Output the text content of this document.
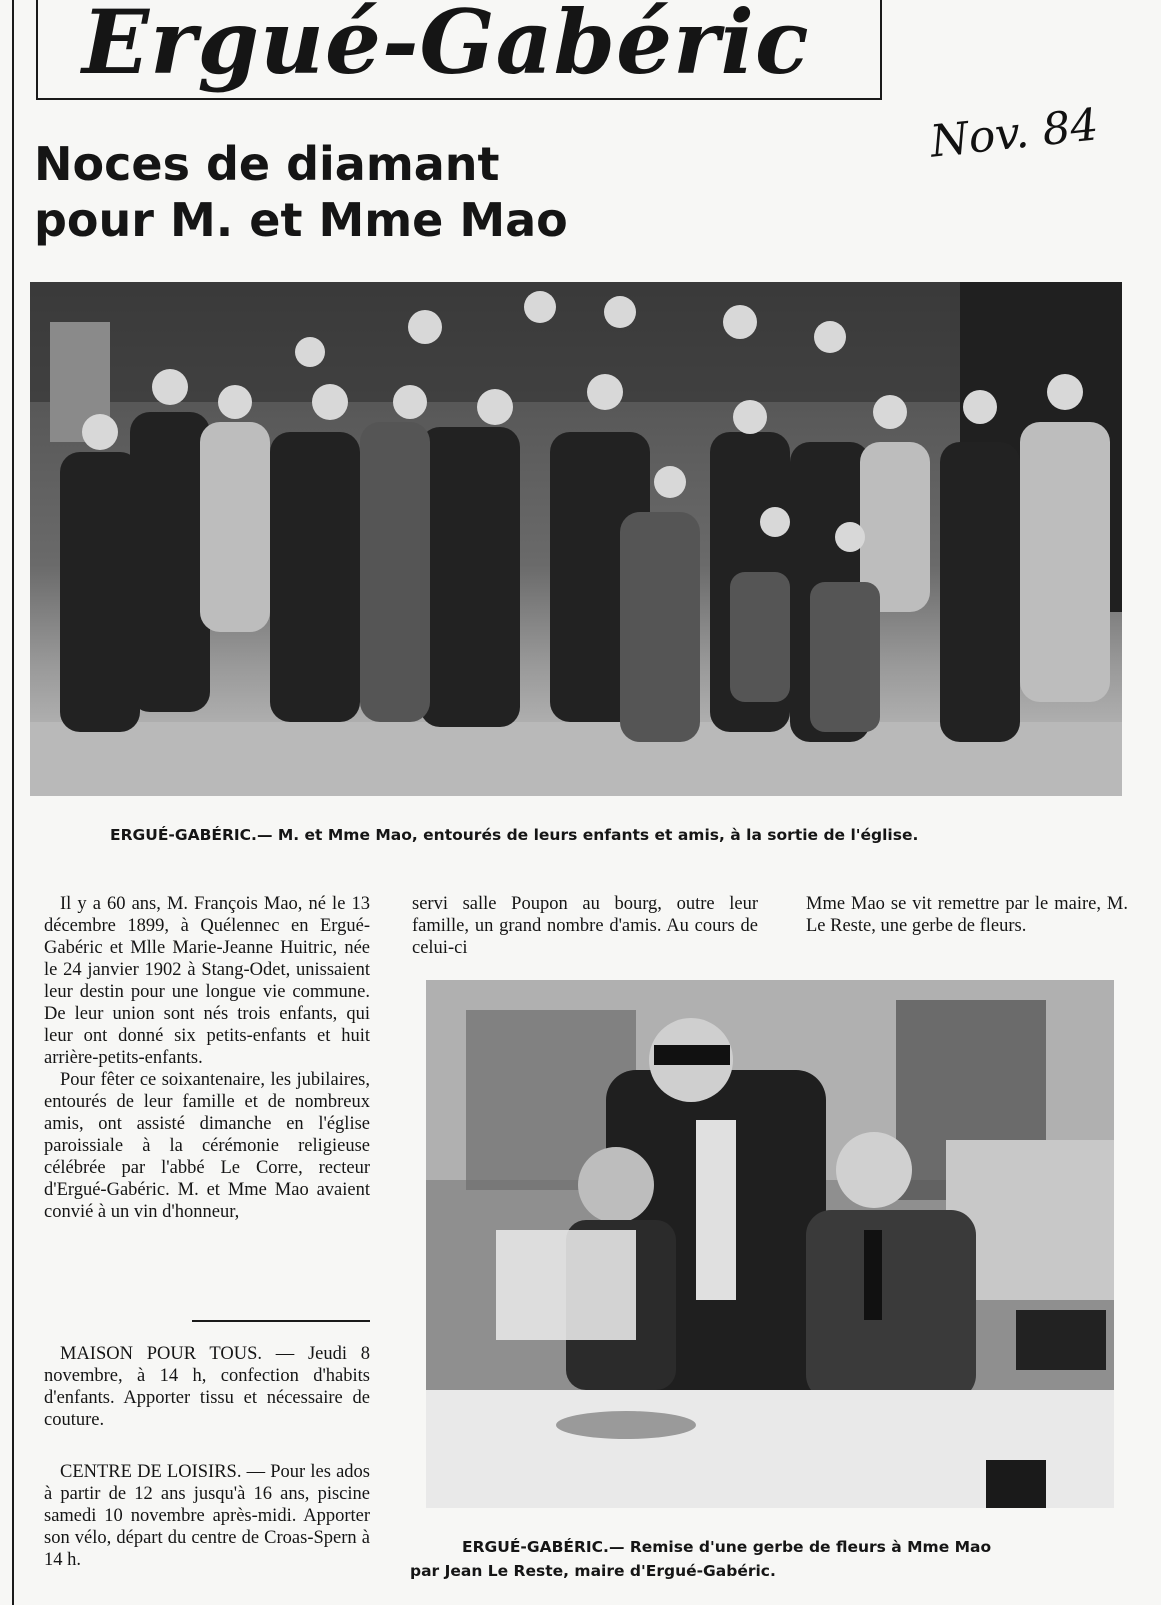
Ergué-Gabéric
Nov. 84
Noces de diamant
pour M. et Mme Mao
ERGUÉ-GABÉRIC.— M. et Mme Mao, entourés de leurs enfants et amis, à la sortie de l'église.

Il y a 60 ans, M. François Mao, né le 13 décembre 1899, à Quélennec en Ergué-Gabéric et Mlle Marie-Jeanne Huitric, née le 24 janvier 1902 à Stang-Odet, unissaient leur destin pour une longue vie commune. De leur union sont nés trois enfants, qui leur ont donné six petits-enfants et huit arrière-petits-enfants.

Pour fêter ce soixantenaire, les jubilaires, entourés de leur famille et de nombreux amis, ont assisté dimanche en l'église paroissiale à la cérémonie religieuse célébrée par l'abbé Le Corre, recteur d'Ergué-Gabéric. M. et Mme Mao avaient convié à un vin d'honneur,

servi salle Poupon au bourg, outre leur famille, un grand nombre d'amis. Au cours de celui-ci

Mme Mao se vit remettre par le maire, M. Le Reste, une gerbe de fleurs.

MAISON POUR TOUS. — Jeudi 8 novembre, à 14 h, confection d'habits d'enfants. Apporter tissu et nécessaire de couture.

CENTRE DE LOISIRS. — Pour les ados à partir de 12 ans jusqu'à 16 ans, piscine samedi 10 novembre après-midi. Apporter son vélo, départ du centre de Croas-Spern à 14 h.

ERGUÉ-GABÉRIC.— Remise d'une gerbe de fleurs à Mme Mao
par Jean Le Reste, maire d'Ergué-Gabéric.
